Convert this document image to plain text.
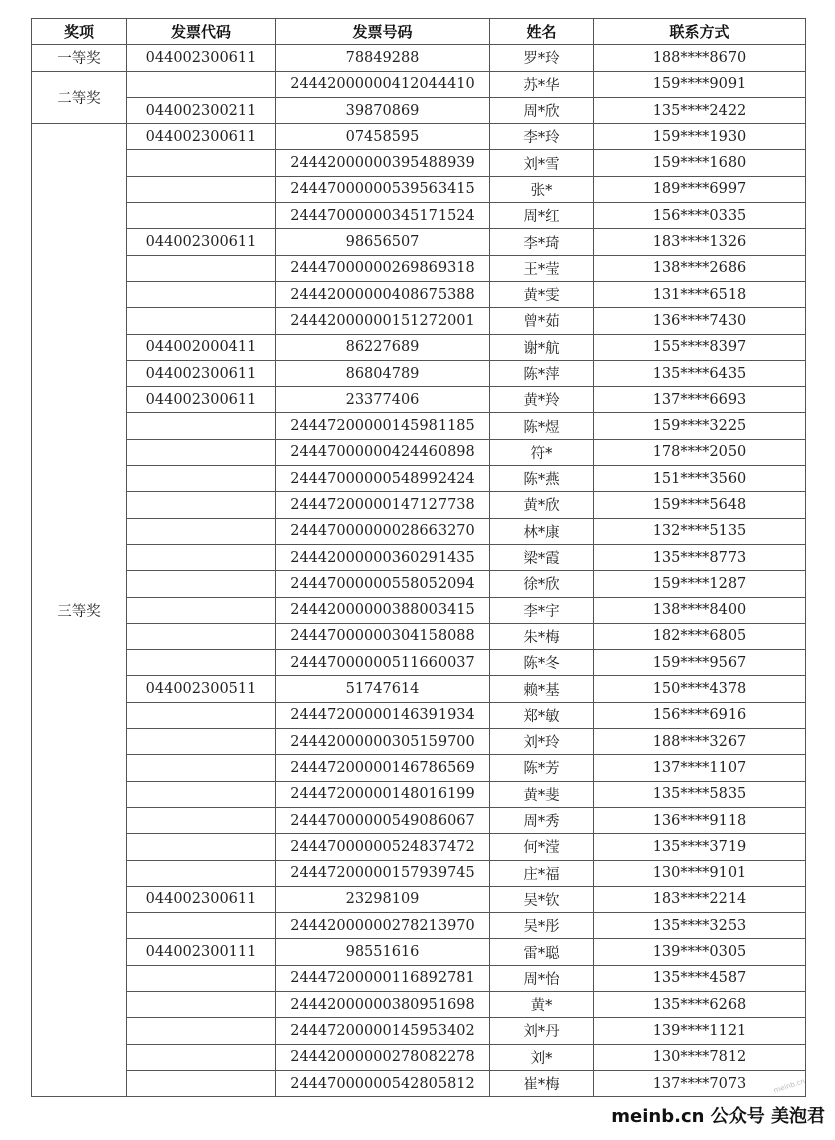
奖项	发票代码	发票号码	姓名	联系方式
一等奖	044002300611	78849288	罗*玲	188****8670
二等奖		24442000000412044410	苏*华	159****9091
	044002300211	39870869	周*欣	135****2422
三等奖	044002300611	07458595	李*玲	159****1930
		24442000000395488939	刘*雪	159****1680
		24447000000539563415	张*	189****6997
		24447000000345171524	周*红	156****0335
	044002300611	98656507	李*琦	183****1326
		24447000000269869318	王*莹	138****2686
		24442000000408675388	黄*雯	131****6518
		24442000000151272001	曾*茹	136****7430
	044002000411	86227689	谢*航	155****8397
	044002300611	86804789	陈*萍	135****6435
	044002300611	23377406	黄*羚	137****6693
		24447200000145981185	陈*煜	159****3225
		24447000000424460898	符*	178****2050
		24447000000548992424	陈*燕	151****3560
		24447200000147127738	黄*欣	159****5648
		24447000000028663270	林*康	132****5135
		24442000000360291435	梁*霞	135****8773
		24447000000558052094	徐*欣	159****1287
		24442000000388003415	李*宇	138****8400
		24447000000304158088	朱*梅	182****6805
		24447000000511660037	陈*冬	159****9567
	044002300511	51747614	赖*基	150****4378
		24447200000146391934	郑*敏	156****6916
		24442000000305159700	刘*玲	188****3267
		24447200000146786569	陈*芳	137****1107
		24447200000148016199	黄*斐	135****5835
		24447000000549086067	周*秀	136****9118
		24447000000524837472	何*滢	135****3719
		24447200000157939745	庄*福	130****9101
	044002300611	23298109	吴*钦	183****2214
		24442000000278213970	吴*彤	135****3253
	044002300111	98551616	雷*聪	139****0305
		24447200000116892781	周*怡	135****4587
		24442000000380951698	黄*	135****6268
		24447200000145953402	刘*丹	139****1121
		24442000000278082278	刘*	130****7812
		24447000000542805812	崔*梅	137****7073	meinb.cn
meinb.cn 公众号 美泡君
